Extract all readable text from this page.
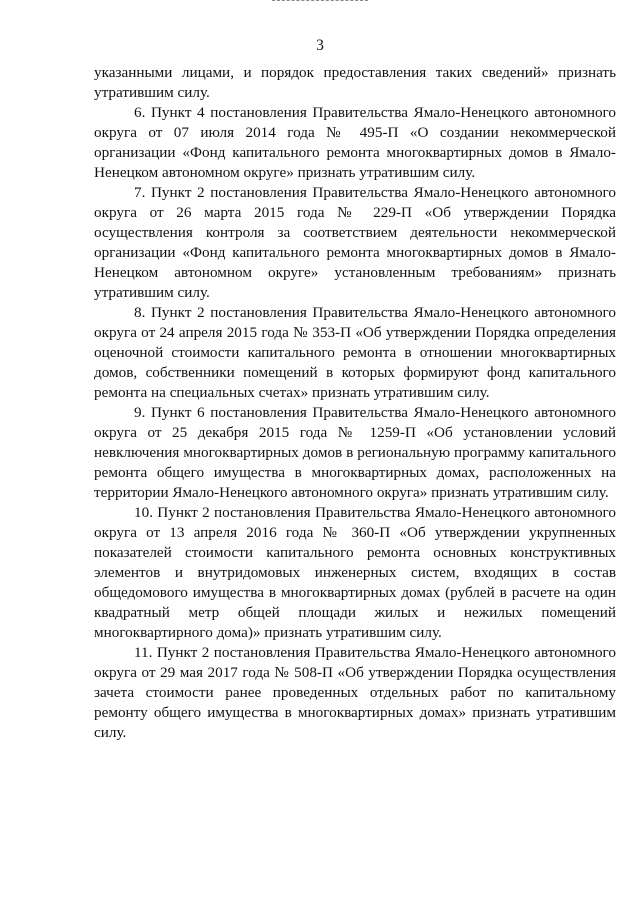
3

указанными лицами, и порядок предоставления таких сведений» признать утратившим силу.

6. Пункт 4 постановления Правительства Ямало-Ненецкого автономного округа от 07 июля 2014 года № 495-П «О создании некоммерческой организации «Фонд капитального ремонта многоквартирных домов в Ямало-Ненецком автономном округе» признать утратившим силу.

7. Пункт 2 постановления Правительства Ямало-Ненецкого автономного округа от 26 марта 2015 года № 229-П «Об утверждении Порядка осуществления контроля за соответствием деятельности некоммерческой организации «Фонд капитального ремонта многоквартирных домов в Ямало-Ненецком автономном округе» установленным требованиям» признать утратившим силу.

8. Пункт 2 постановления Правительства Ямало-Ненецкого автономного округа от 24 апреля 2015 года № 353-П «Об утверждении Порядка определения оценочной стоимости капитального ремонта в отношении многоквартирных домов, собственники помещений в которых формируют фонд капитального ремонта на специальных счетах» признать утратившим силу.

9. Пункт 6 постановления Правительства Ямало-Ненецкого автономного округа от 25 декабря 2015 года № 1259-П «Об установлении условий невключения многоквартирных домов в региональную программу капитального ремонта общего имущества в многоквартирных домах, расположенных на территории Ямало-Ненецкого автономного округа» признать утратившим силу.

10. Пункт 2 постановления Правительства Ямало-Ненецкого автономного округа от 13 апреля 2016 года № 360-П «Об утверждении укрупненных показателей стоимости капитального ремонта основных конструктивных элементов и внутридомовых инженерных систем, входящих в состав общедомового имущества в многоквартирных домах (рублей в расчете на один квадратный метр общей площади жилых и нежилых помещений многоквартирного дома)» признать утратившим силу.

11. Пункт 2 постановления Правительства Ямало-Ненецкого автономного округа от 29 мая 2017 года № 508-П «Об утверждении Порядка осуществления зачета стоимости ранее проведенных отдельных работ по капитальному ремонту общего имущества в многоквартирных домах» признать утратившим силу.
